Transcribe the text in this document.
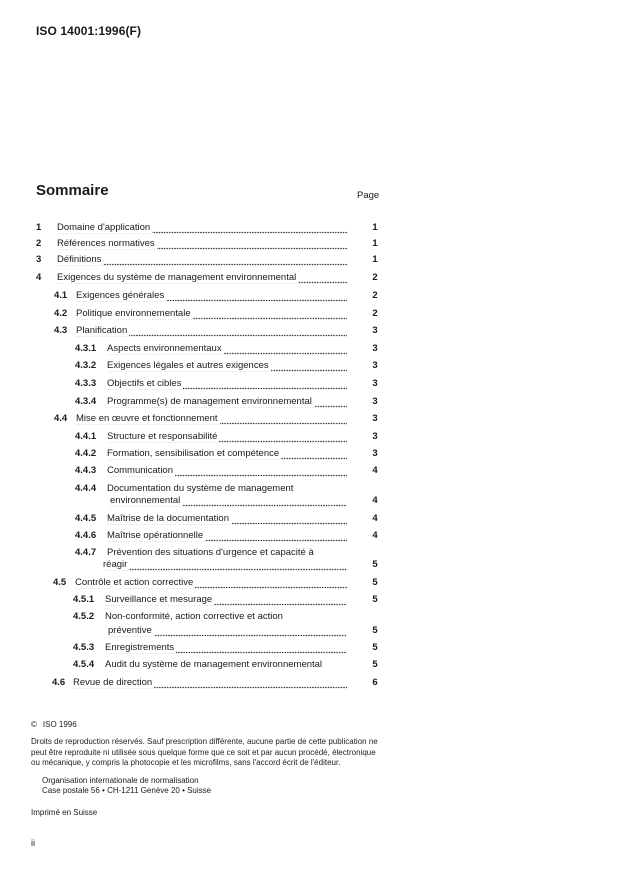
ISO 14001:1996(F)
Sommaire	Page
1 Domaine d'application	1
2 Références normatives	1
3 Définitions	1
4 Exigences du système de management environnemental	2
4.1 Exigences générales	2
4.2 Politique environnementale	2
4.3 Planification	3
4.3.1 Aspects environnementaux	3
4.3.2 Exigences légales et autres exigences	3
4.3.3 Objectifs et cibles	3
4.3.4 Programme(s) de management environnemental	3
4.4 Mise en œuvre et fonctionnement	3
4.4.1 Structure et responsabilité	3
4.4.2 Formation, sensibilisation et compétence	3
4.4.3 Communication	4
4.4.4 Documentation du système de management
environnemental	4
4.4.5 Maîtrise de la documentation	4
4.4.6 Maîtrise opérationnelle	4
4.4.7 Prévention des situations d'urgence et capacité à
réagir	5
4.5 Contrôle et action corrective	5
4.5.1 Surveillance et mesurage	5
4.5.2 Non-conformité, action corrective et action
préventive	5
4.5.3 Enregistrements	5
4.5.4 Audit du système de management environnemental	5
4.6 Revue de direction	6
© ISO 1996
Droits de reproduction réservés. Sauf prescription différente, aucune partie de cette publication ne peut être reproduite ni utilisée sous quelque forme que ce soit et par aucun procédé, électronique ou mécanique, y compris la photocopie et les microfilms, sans l'accord écrit de l'éditeur.
Organisation internationale de normalisation
Case postale 56 • CH-1211 Genève 20 • Suisse
Imprimé en Suisse
ii
